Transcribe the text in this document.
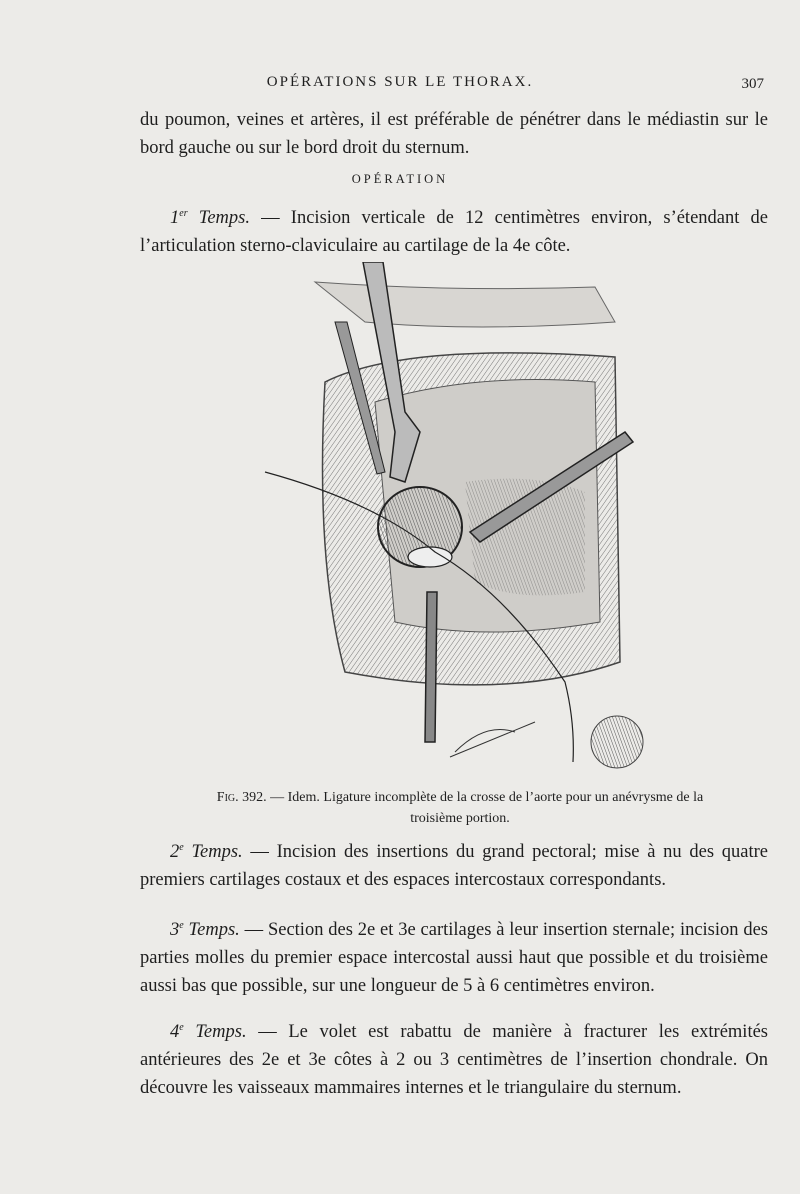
OPÉRATIONS SUR LE THORAX.	307

du poumon, veines et artères, il est préférable de pénétrer dans le médiastin sur le bord gauche ou sur le bord droit du sternum.

OPÉRATION

1er Temps. — Incision verticale de 12 centimètres environ, s’étendant de l’articulation sterno-claviculaire au cartilage de la 4e côte.

Fig. 392. — Idem. Ligature incomplète de la crosse de l’aorte pour un anévrysme de la troisième portion.

2e Temps. — Incision des insertions du grand pectoral; mise à nu des quatre premiers cartilages costaux et des espaces intercostaux correspondants.

3e Temps. — Section des 2e et 3e cartilages à leur insertion sternale; incision des parties molles du premier espace intercostal aussi haut que possible et du troisième aussi bas que possible, sur une longueur de 5 à 6 centimètres environ.

4e Temps. — Le volet est rabattu de manière à fracturer les extrémités antérieures des 2e et 3e côtes à 2 ou 3 centimètres de l’insertion chondrale. On découvre les vaisseaux mammaires internes et le triangulaire du sternum.
